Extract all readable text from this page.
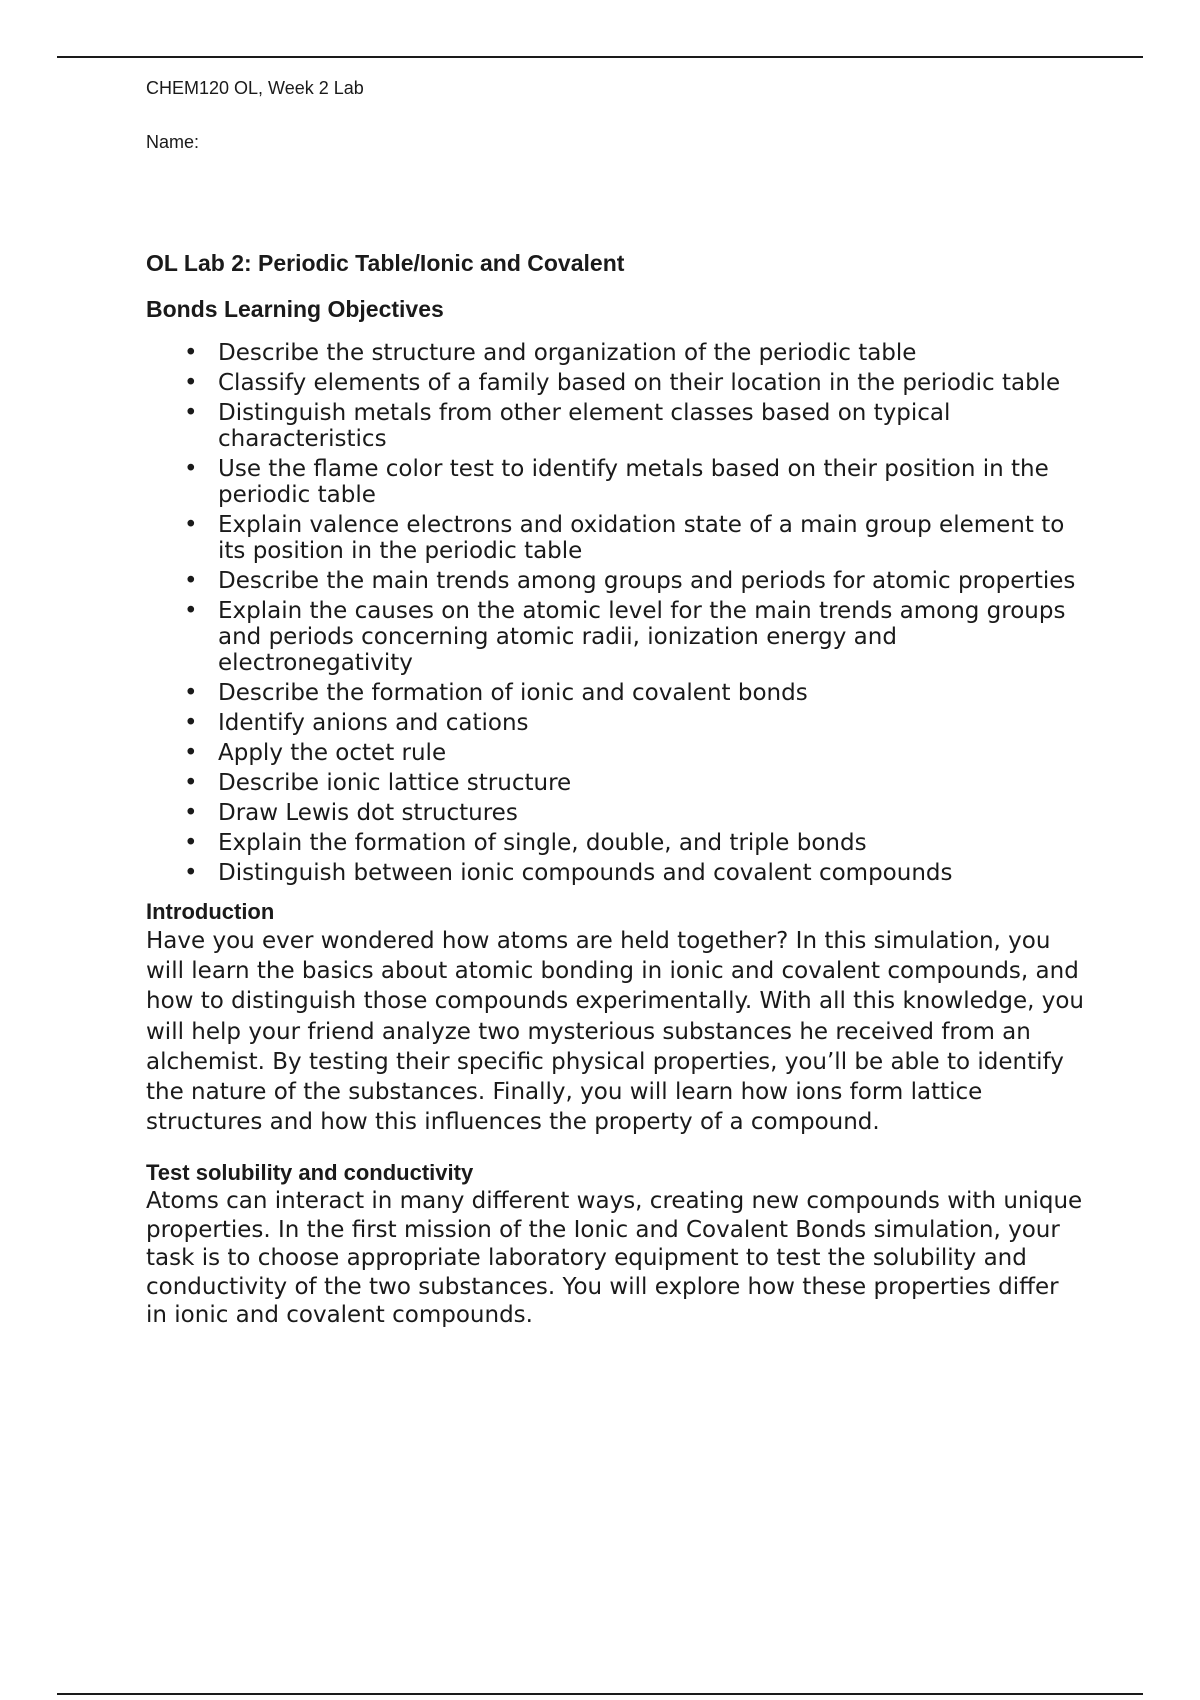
CHEM120 OL, Week 2 Lab
Name:
OL Lab 2: Periodic Table/Ionic and Covalent
Bonds Learning Objectives
• Describe the structure and organization of the periodic table
• Classify elements of a family based on their location in the periodic table
• Distinguish metals from other element classes based on typical characteristics
• Use the flame color test to identify metals based on their position in the periodic table
• Explain valence electrons and oxidation state of a main group element to its position in the periodic table
• Describe the main trends among groups and periods for atomic properties
• Explain the causes on the atomic level for the main trends among groups and periods concerning atomic radii, ionization energy and electronegativity
• Describe the formation of ionic and covalent bonds
• Identify anions and cations
• Apply the octet rule
• Describe ionic lattice structure
• Draw Lewis dot structures
• Explain the formation of single, double, and triple bonds
• Distinguish between ionic compounds and covalent compounds
Introduction

Have you ever wondered how atoms are held together? In this simulation, you will learn the basics about atomic bonding in ionic and covalent compounds, and how to distinguish those compounds experimentally. With all this knowledge, you will help your friend analyze two mysterious substances he received from an alchemist. By testing their specific physical properties, you’ll be able to identify the nature of the substances. Finally, you will learn how ions form lattice structures and how this influences the property of a compound.

Test solubility and conductivity

Atoms can interact in many different ways, creating new compounds with unique properties. In the first mission of the Ionic and Covalent Bonds simulation, your task is to choose appropriate laboratory equipment to test the solubility and conductivity of the two substances. You will explore how these properties differ in ionic and covalent compounds.
